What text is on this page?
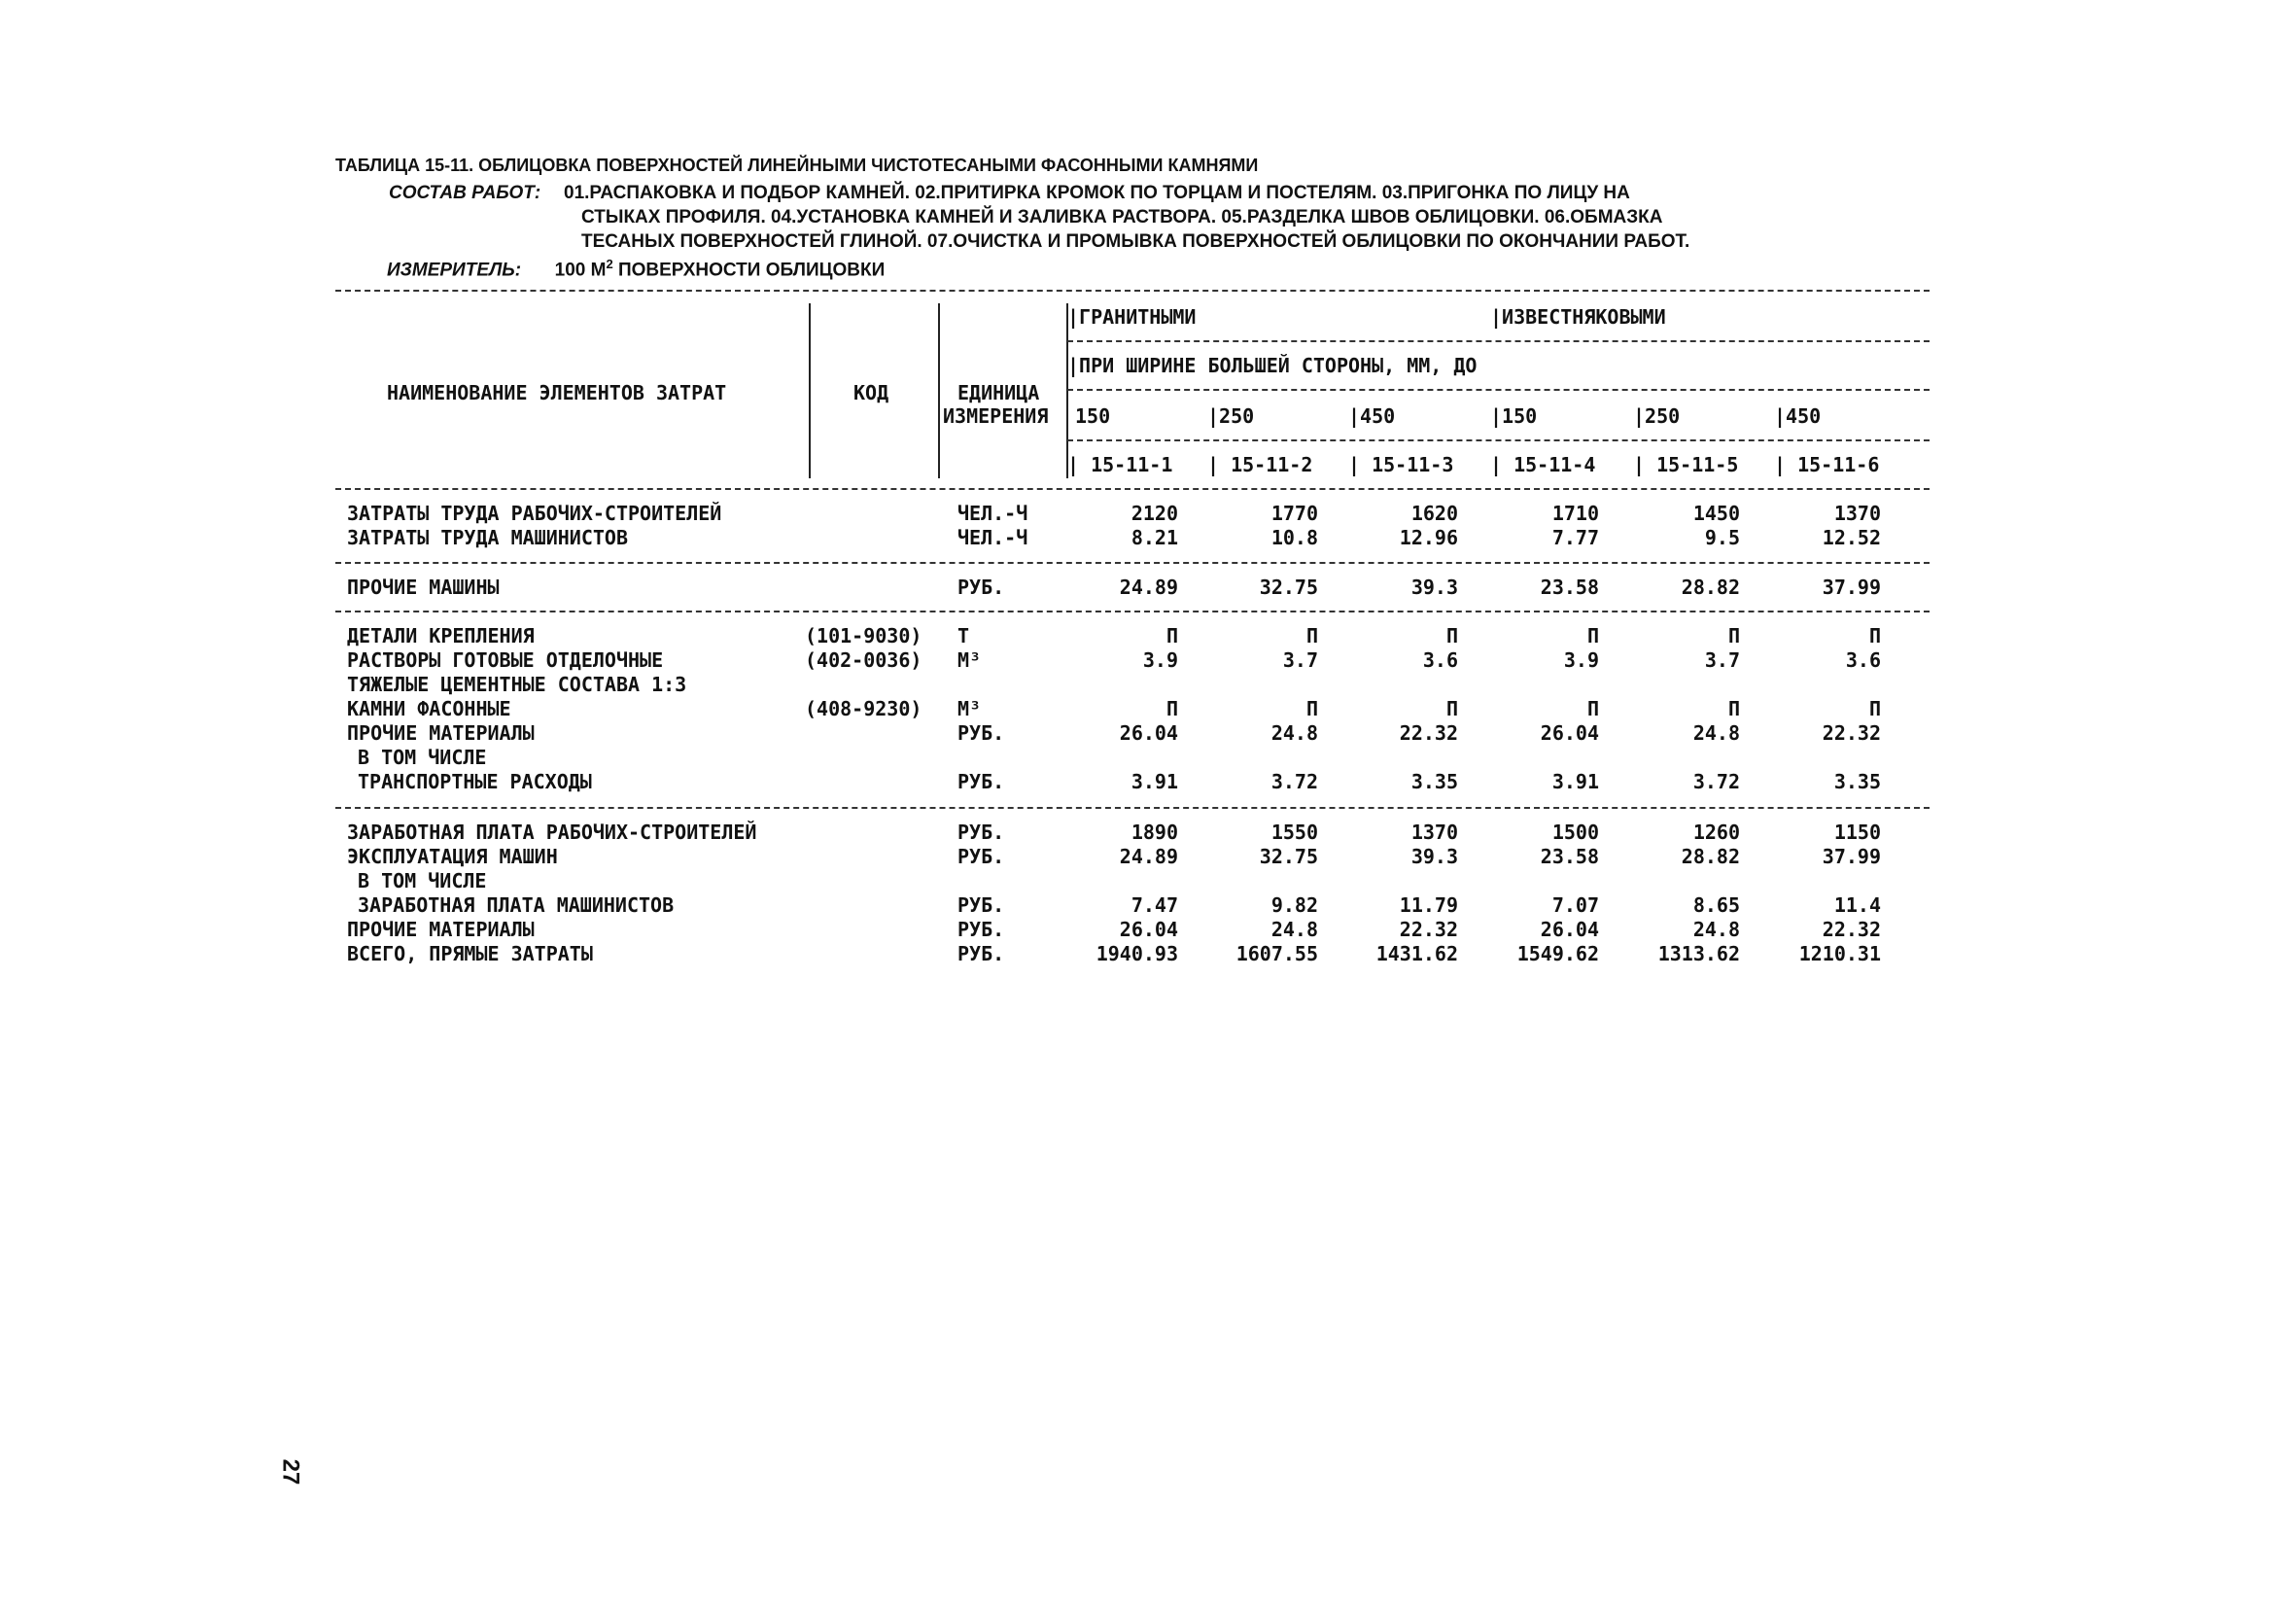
ТАБЛИЦА 15-11. ОБЛИЦОВКА ПОВЕРХНОСТЕЙ ЛИНЕЙНЫМИ ЧИСТОТЕСАНЫМИ ФАСОННЫМИ КАМНЯМИ
СОСТАВ РАБОТ: 01.РАСПАКОВКА И ПОДБОР КАМНЕЙ. 02.ПРИТИРКА КРОМОК ПО ТОРЦАМ И ПОСТЕЛЯМ. 03.ПРИГОНКА ПО ЛИЦУ НА
СТЫКАХ ПРОФИЛЯ. 04.УСТАНОВКА КАМНЕЙ И ЗАЛИВКА РАСТВОРА. 05.РАЗДЕЛКА ШВОВ ОБЛИЦОВКИ. 06.ОБМАЗКА
ТЕСАНЫХ ПОВЕРХНОСТЕЙ ГЛИНОЙ. 07.ОЧИСТКА И ПРОМЫВКА ПОВЕРХНОСТЕЙ ОБЛИЦОВКИ ПО ОКОНЧАНИИ РАБОТ.
ИЗМЕРИТЕЛЬ: 100 $М^2$ ПОВЕРХНОСТИ ОБЛИЦОВКИ
НАИМЕНОВАНИЕ ЭЛЕМЕНТОВ ЗАТРАТ	КОД	ЕДИНИЦА
ИЗМЕРЕНИЯ
|ГРАНИТНЫМИ	|ИЗВЕСТНЯКОВЫМИ
|ПРИ ШИРИНЕ БОЛЬШЕЙ СТОРОНЫ, ММ, ДО
150	|250	|450	|150	|250	|450
| 15-11-1 | 15-11-2 | 15-11-3 | 15-11-4 | 15-11-5 | 15-11-6
ЗАТРАТЫ ТРУДА РАБОЧИХ-СТРОИТЕЛЕЙ	ЧЕЛ.-Ч	2120	1770	1620	1710	1450	1370
ЗАТРАТЫ ТРУДА МАШИНИСТОВ	ЧЕЛ.-Ч	8.21	10.8	12.96	7.77	9.5	12.52
ПРОЧИЕ МАШИНЫ	РУБ.	24.89	32.75	39.3	23.58	28.82	37.99
ДЕТАЛИ КРЕПЛЕНИЯ	(101-9030) Т	П	П	П	П	П	П
РАСТВОРЫ ГОТОВЫЕ ОТДЕЛОЧНЫЕ	(402-0036) М³	3.9	3.7	3.6	3.9	3.7	3.6
ТЯЖЕЛЫЕ ЦЕМЕНТНЫЕ СОСТАВА 1:3
КАМНИ ФАСОННЫЕ	(408-9230) М³	П	П	П	П	П	П
ПРОЧИЕ МАТЕРИАЛЫ	РУБ.	26.04	24.8	22.32	26.04	24.8	22.32
В ТОМ ЧИСЛЕ
ТРАНСПОРТНЫЕ РАСХОДЫ	РУБ.	3.91	3.72	3.35	3.91	3.72	3.35
ЗАРАБОТНАЯ ПЛАТА РАБОЧИХ-СТРОИТЕЛЕЙ	РУБ.	1890	1550	1370	1500	1260	1150
ЭКСПЛУАТАЦИЯ МАШИН	РУБ.	24.89	32.75	39.3	23.58	28.82	37.99
В ТОМ ЧИСЛЕ
ЗАРАБОТНАЯ ПЛАТА МАШИНИСТОВ	РУБ.	7.47	9.82	11.79	7.07	8.65	11.4
ПРОЧИЕ МАТЕРИАЛЫ	РУБ.	26.04	24.8	22.32	26.04	24.8	22.32
ВСЕГО, ПРЯМЫЕ ЗАТРАТЫ	РУБ.	1940.93	1607.55	1431.62	1549.62	1313.62	1210.31
27
